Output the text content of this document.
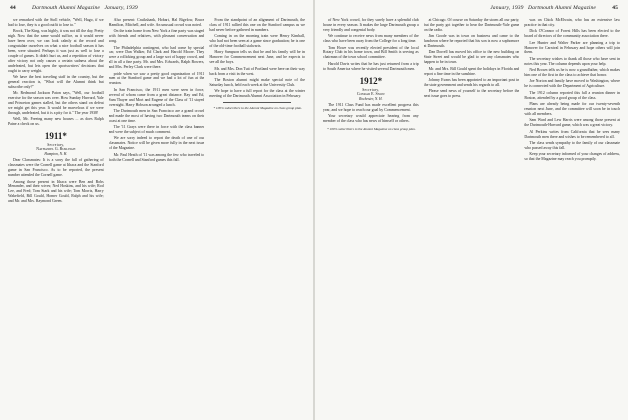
44	Dartmouth Alumni Magazine January, 1939

we remarked with the Stoll vehicle, "Well, Hugo, if we had to lose, they is a good outfit to lose to."

Brock, The King, was highly, it was not till the day, Pretty nigh. Now that the same would suffice, as it would never have been over, we can look calmly at the record and congratulate ourselves on what a nice football season it has been, were situated. Perhaps it was just as well to lose a couple of games. It didn't hurt us, and a repetition of victory after victory not only causes a certain sadness about the undefeated, but lets open the sportswriters' decisions that ought to carry weight.

We have the best traveling staff in the country, but the general reaction is, "What will the Alumni think but subscribe only?"

Mr. Redmond Jackson Paton says, "Well, our football exercise for the season was over. How Sunday Harvard, Yale and Princeton games stalled, but the others stand on defeat we might get this year. It would be marvelous if we were through, undefeated, but it is a pity for it." The year 1938!

Well, Mr. Freeing many new houses ... as does Ralph Paine a check on us.

1911*
Secretary,
Nathaniel G. Burleigh
Hampton, N. H.

Dear Classmates: It is a sorry the fall of gathering of classmates were the Cornell game at Ithaca and the Stanford game in San Francisco. As to be reported, the present number attended the Cornell game.

Among those present in Ithaca were Ben and Bobs Menander, and their wives; Ned Hoskins, and his wife; Rod Lee, and Fred; Tom Stark and his wife; Tom Morris, Harry Wakefield, Bill Gould, Homer Gould, Ralph and his wife; and Mr. and Mrs. Raymond Green.

Also present: Cruikshank, Hobart, Hal Bigelow, Bruce Hamilton, Mitchell, and wife. An unusual crowd was noted.

On the train home from New York a fine party was staged with friends and relatives, with pleasant conversation and song.

The Philadelphia contingent, who had come by special car, were Dan Walker, Ed Clark and Harold Moore. They were a rollicking group and a large sort of happy crowd, and all in all a fine party. Mr. and Mrs. Edwards, Ralph Bowers, and Mrs. Perley Clark were there.

pride when we saw a pretty good organization of 1911 men at the Stanford game and we had a lot of fun at the reunion.

In San Francisco, the 1911 men were seen in force, several of whom came from a great distance. Ray and Ed, Sam Thayer and Mort and Eugene of the Class of '11 stayed overnight. Harry Hobson arranged a lunch.

The Dartmouth men in San Francisco are a grand crowd and made the most of having two Dartmouth teams on their coast at one time.

The '11 Grays were there in force with the class banner and were the subject of much comment.

We are sorry indeed to report the death of one of our classmates. Notice will be given more fully in the next issue of the Magazine.

Mr. Paul Heath of '11 was among the few who traveled to both the Cornell and Stanford games this fall.

From the standpoint of an alignment of Dartmouth, the class of 1911 rallied this one on the Stanford campus as we had never before gathered in numbers.

Coming in on the morning train were Henry Kimball, who had not been seen at a game since graduation; he is one of the old-time football stalwarts.

Harry Sampson tells us that he and his family will be in Hanover for Commencement next June, and he expects to see all the boys.

Mr. and Mrs. Don Tutt of Portland were here on their way back from a visit in the west.

The Boston alumni might make special note of the Saturday lunch, held each week at the University Club.

We hope to have a full report for the class at the winter meeting of the Dartmouth Alumni Association in February.

* 100% subscribers to the Alumni Magazine on class group plan.
January, 1939 Dartmouth Alumni Magazine	45

of New York crowd, for they surely have a splendid club house in every season. It makes the large Dartmouth group a very friendly and congenial body.

We continue to receive news from many members of the class who have been away from the College for a long time.

Tom Howe was recently elected president of the local Rotary Club in his home town, and Bill Smith is serving as chairman of the town school committee.

Harold Davis writes that he has just returned from a trip to South America where he visited several Dartmouth men.

1912*
Secretary,
Conrad E. Snow
Rochester, N. H.

The 1911 Class Fund has made excellent progress this year, and we hope to reach our goal by Commencement.

Your secretary would appreciate hearing from any member of the class who has news of himself or others.

* 100% subscribers to the Alumni Magazine on class group plan.

at Chicago. Of course on Saturday the storm all our party, but the party got together to hear the Dartmouth-Yale game on the radio.

Jim Goode was in town on business and came to the luncheon where he reported that his son is now a sophomore at Dartmouth.

Dan Dorrell has moved his office to the new building on State Street and would be glad to see any classmates who happen to be in town.

Mr. and Mrs. Bill Gould spent the holidays in Florida and report a fine time in the sunshine.

Johnny Evans has been appointed to an important post in the state government and sends his regards to all.

Please send news of yourself to the secretary before the next issue goes to press.

was on Chick McElwain, who has an extensive law practice in that city.

Dick O'Connor of Forest Hills has been elected to the board of directors of the community association there.

Lee Hunter and Walter Parker are planning a trip to Hanover for Carnival in February and hope others will join them.

The secretary wishes to thank all those who have sent in notes this year. The column depends upon your help.

Ned Brown tells us he is now a grandfather, which makes him one of the first in the class to achieve that honor.

Joe Norton and family have moved to Washington, where he is connected with the Department of Agriculture.

The 1912 column reported this fall a reunion dinner in Boston, attended by a good group of the class.

Plans are already being made for our twenty-seventh reunion next June, and the committee will soon be in touch with all members.

Sam Ward and Lew Harris were among those present at the Dartmouth-Harvard game, which was a great victory.

Al Perkins writes from California that he sees many Dartmouth men there and wishes to be remembered to all.

The class sends sympathy to the family of our classmate who passed away this fall.

Keep your secretary informed of your changes of address, so that the Magazine may reach you promptly.
